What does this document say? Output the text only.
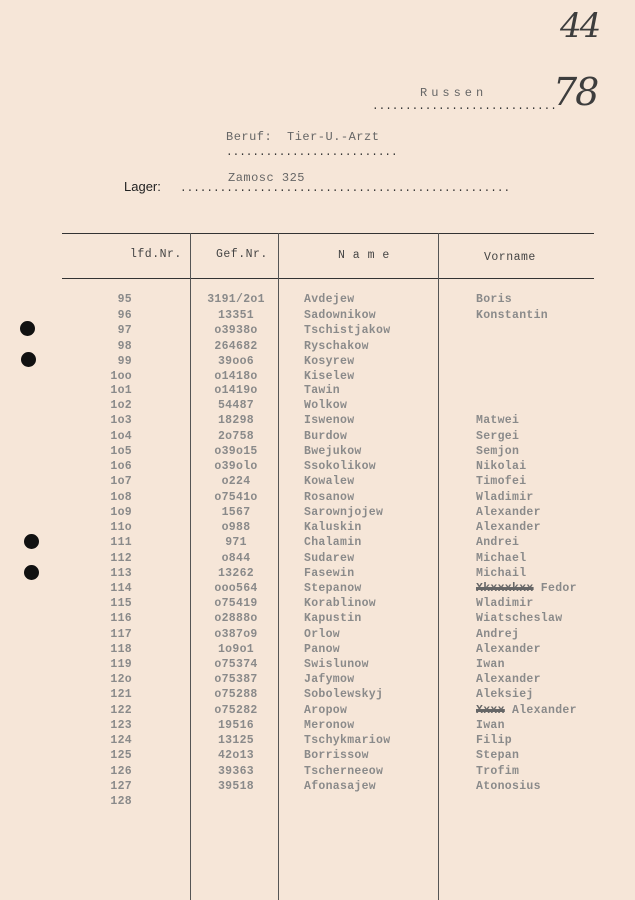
44
Russen
............................
78
Beruf: Tier-U.-Arzt
..........................
Zamosc 325
Lager: ..................................................
lfd.Nr.	Gef.Nr.	N a m e	Vorname
95	3191/2o1	Avdejew	Boris
96	13351	Sadownikow	Konstantin
97	o3938o	Tschistjakow
98	264682	Ryschakow
99	39oo6	Kosyrew
1oo	o1418o	Kiselew
1o1	o1419o	Tawin
1o2	54487	Wolkow
1o3	18298	Iswenow	Matwei
1o4	2o758	Burdow	Sergei
1o5	o39o15	Bwejukow	Semjon
1o6	o39olo	Ssokolikow	Nikolai
1o7	o224	Kowalew	Timofei
1o8	o7541o	Rosanow	Wladimir
1o9	1567	Sarownjojew	Alexander
11o	o988	Kaluskin	Alexander
111	971	Chalamin	Andrei
112	o844	Sudarew	Michael
113	13262	Fasewin	Michail
114	ooo564	Stepanow	Xkxxxkxx Fedor
115	o75419	Korablinow	Wladimir
116	o2888o	Kapustin	Wiatscheslaw
117	o387o9	Orlow	Andrej
118	1o9o1	Panow	Alexander
119	o75374	Swislunow	Iwan
12o	o75387	Jafymow	Alexander
121	o75288	Sobolewskyj	Aleksiej
122	o75282	Aropow	Xxxx Alexander
123	19516	Meronow	Iwan
124	13125	Tschykmariow	Filip
125	42o13	Borrissow	Stepan
126	39363	Tscherneeow	Trofim
127	39518	Afonasajew	Atonosius
128
